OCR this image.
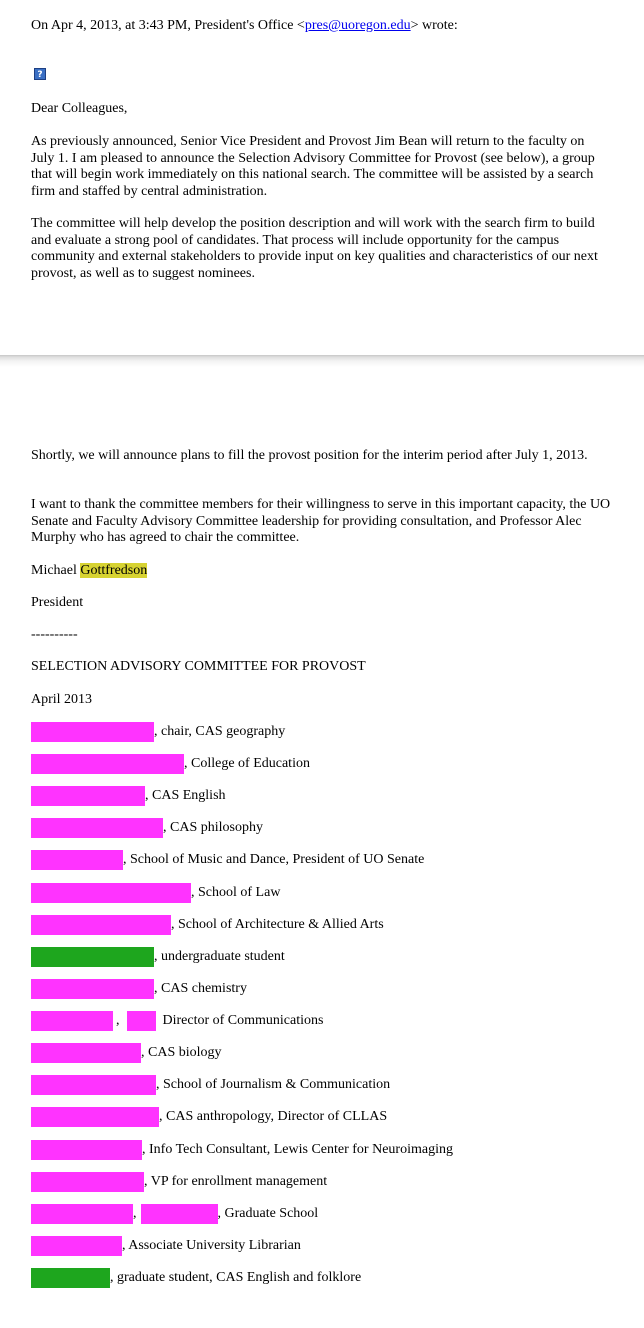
On Apr 4, 2013, at 3:43 PM, President's Office <pres@uoregon.edu> wrote:

?

Dear Colleagues,

As previously announced, Senior Vice President and Provost Jim Bean will return to the faculty on July 1. I am pleased to announce the Selection Advisory Committee for Provost (see below), a group that will begin work immediately on this national search. The committee will be assisted by a search firm and staffed by central administration.

The committee will help develop the position description and will work with the search firm to build and evaluate a strong pool of candidates. That process will include opportunity for the campus community and external stakeholders to provide input on key qualities and characteristics of our next provost, as well as to suggest nominees.

Shortly, we will announce plans to fill the provost position for the interim period after July 1, 2013.

I want to thank the committee members for their willingness to serve in this important capacity, the UO Senate and Faculty Advisory Committee leadership for providing consultation, and Professor Alec Murphy who has agreed to chair the committee.

Michael Gottfredson

President

----------

SELECTION ADVISORY COMMITTEE FOR PROVOST

April 2013

, chair, CAS geography
, College of Education
, CAS English
, CAS philosophy
, School of Music and Dance, President of UO Senate
, School of Law
, School of Architecture & Allied Arts
, undergraduate student
, CAS chemistry
,	Director of Communications
, CAS biology
, School of Journalism & Communication
, CAS anthropology, Director of CLLAS
, Info Tech Consultant, Lewis Center for Neuroimaging
, VP for enrollment management
,	, Graduate School
, Associate University Librarian
, graduate student, CAS English and folklore
